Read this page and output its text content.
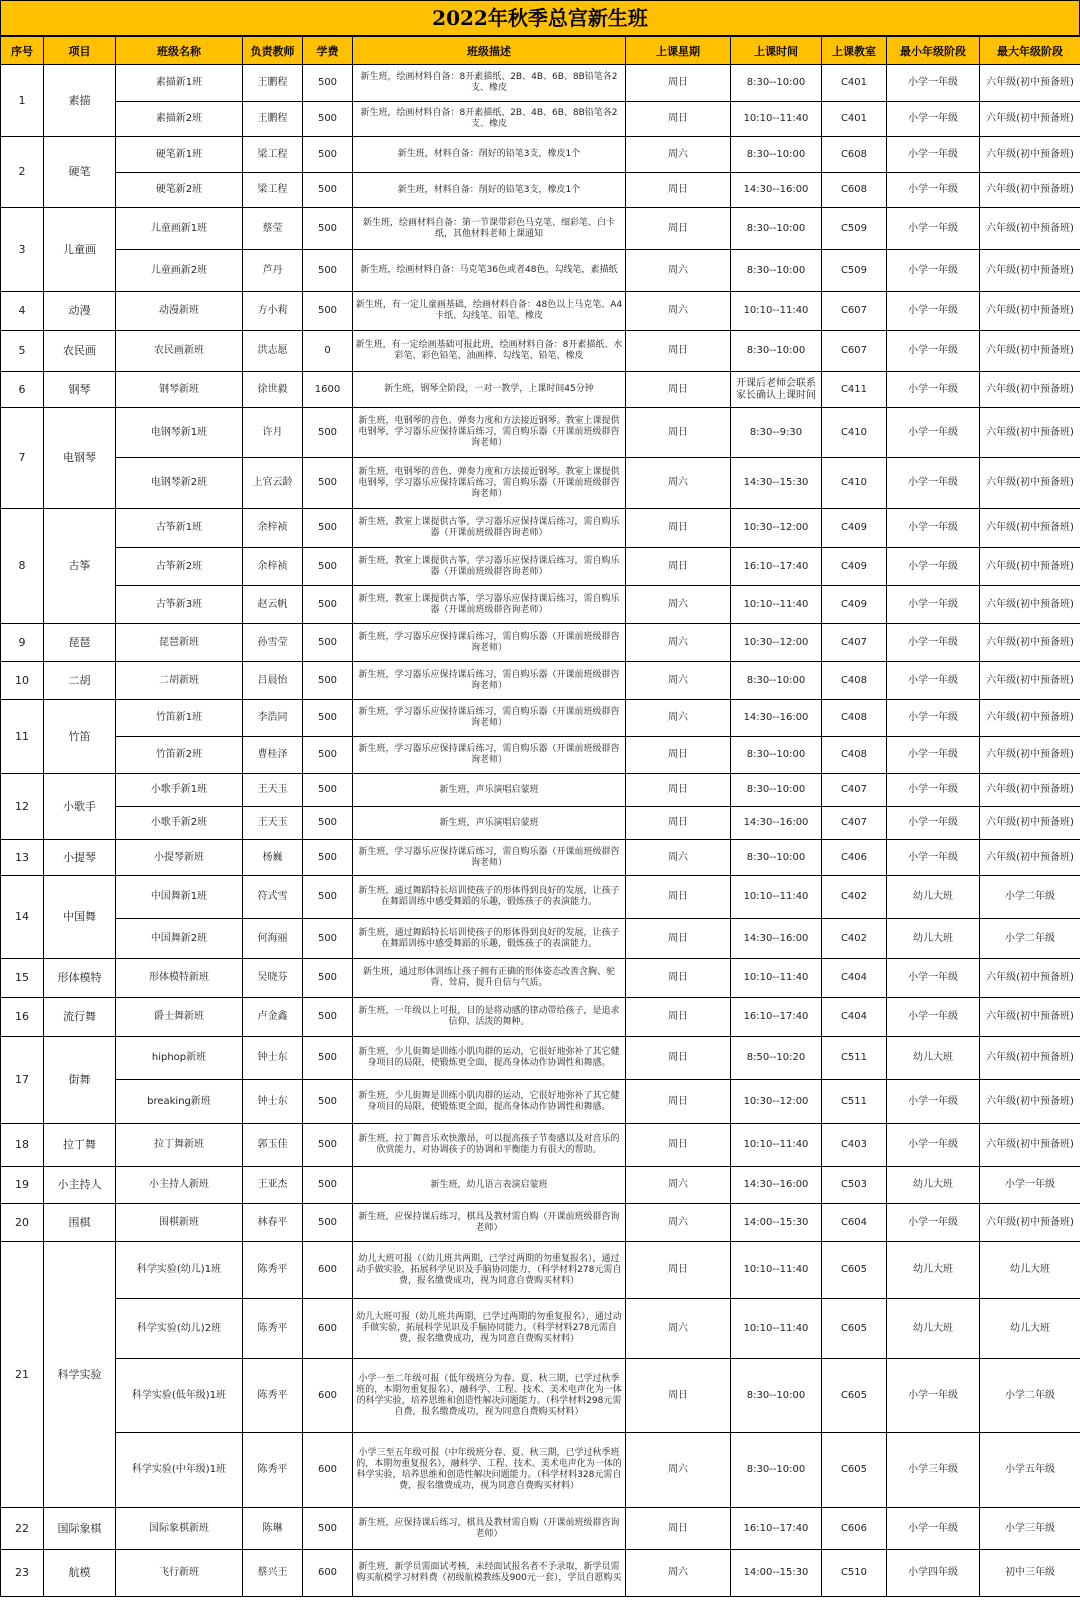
2022年秋季总宫新生班
序号	项目	班级名称	负责教师	学费	班级描述	上课星期	上课时间	上课教室	最小年级阶段	最大年级阶段
1	素描	素描新1班	王鹏程	500	新生班，绘画材料自备：8开素描纸、2B、4B、6B、8B铅笔各2支、橡皮	周日	8:30--10:00	C401	小学一年级	六年级(初中预备班)
		素描新2班	王鹏程	500	新生班，绘画材料自备：8开素描纸、2B、4B、6B、8B铅笔各2支、橡皮	周日	10:10--11:40	C401	小学一年级	六年级(初中预备班)
2	硬笔	硬笔新1班	梁工程	500	新生班，材料自备：削好的铅笔3支，橡皮1个	周六	8:30--10:00	C608	小学一年级	六年级(初中预备班)
		硬笔新2班	梁工程	500	新生班，材料自备：削好的铅笔3支，橡皮1个	周日	14:30--16:00	C608	小学一年级	六年级(初中预备班)
3	儿童画	儿童画新1班	蔡莹	500	新生班，绘画材料自备：第一节课带彩色马克笔、细彩笔、白卡纸，其他材料老师上课通知	周日	8:30--10:00	C509	小学一年级	六年级(初中预备班)
		儿童画新2班	芦丹	500	新生班，绘画材料自备：马克笔36色或者48色，勾线笔，素描纸	周六	8:30--10:00	C509	小学一年级	六年级(初中预备班)
4	动漫	动漫新班	方小莉	500	新生班，有一定儿童画基础，绘画材料自备：48色以上马克笔、A4卡纸、勾线笔、铅笔、橡皮	周六	10:10--11:40	C607	小学一年级	六年级(初中预备班)
5	农民画	农民画新班	洪志愿	0	新生班，有一定绘画基础可报此班，绘画材料自备：8开素描纸、水彩笔、彩色铅笔、油画棒、勾线笔、铅笔、橡皮	周日	8:30--10:00	C607	小学一年级	六年级(初中预备班)
6	钢琴	钢琴新班	徐世毅	1600	新生班，钢琴全阶段，一对一教学，上课时间45分钟	周日	开课后老师会联系家长确认上课时间	C411	小学一年级	六年级(初中预备班)
7	电钢琴	电钢琴新1班	许月	500	新生班，电钢琴的音色、弹奏力度和方法接近钢琴。教室上课提供电钢琴，学习器乐应保持课后练习，需自购乐器（开课前班级群咨询老师）	周日	8:30--9:30	C410	小学一年级	六年级(初中预备班)
		电钢琴新2班	上官云龄	500	新生班，电钢琴的音色、弹奏力度和方法接近钢琴。教室上课提供电钢琴，学习器乐应保持课后练习，需自购乐器（开课前班级群咨询老师）	周六	14:30--15:30	C410	小学一年级	六年级(初中预备班)
8	古筝	古筝新1班	余梓祯	500	新生班，教室上课提供古筝，学习器乐应保持课后练习，需自购乐器（开课前班级群咨询老师）	周日	10:30--12:00	C409	小学一年级	六年级(初中预备班)
		古筝新2班	余梓祯	500	新生班，教室上课提供古筝，学习器乐应保持课后练习，需自购乐器（开课前班级群咨询老师）	周日	16:10--17:40	C409	小学一年级	六年级(初中预备班)
		古筝新3班	赵云帆	500	新生班，教室上课提供古筝，学习器乐应保持课后练习，需自购乐器（开课前班级群咨询老师）	周六	10:10--11:40	C409	小学一年级	六年级(初中预备班)
9	琵琶	琵琶新班	孙雪莹	500	新生班，学习器乐应保持课后练习，需自购乐器（开课前班级群咨询老师）	周六	10:30--12:00	C407	小学一年级	六年级(初中预备班)
10	二胡	二胡新班	吕晨怡	500	新生班，学习器乐应保持课后练习，需自购乐器（开课前班级群咨询老师）	周六	8:30--10:00	C408	小学一年级	六年级(初中预备班)
11	竹笛	竹笛新1班	李浩同	500	新生班，学习器乐应保持课后练习，需自购乐器（开课前班级群咨询老师）	周六	14:30--16:00	C408	小学一年级	六年级(初中预备班)
		竹笛新2班	曹桂泽	500	新生班，学习器乐应保持课后练习，需自购乐器（开课前班级群咨询老师）	周日	8:30--10:00	C408	小学一年级	六年级(初中预备班)
12	小歌手	小歌手新1班	王天玉	500	新生班，声乐演唱启蒙班	周日	8:30--10:00	C407	小学一年级	六年级(初中预备班)
		小歌手新2班	王天玉	500	新生班，声乐演唱启蒙班	周日	14:30--16:00	C407	小学一年级	六年级(初中预备班)
13	小提琴	小提琴新班	杨巍	500	新生班，学习器乐应保持课后练习，需自购乐器（开课前班级群咨询老师）	周六	8:30--10:00	C406	小学一年级	六年级(初中预备班)
14	中国舞	中国舞新1班	符式雪	500	新生班，通过舞蹈特长培训使孩子的形体得到良好的发展，让孩子在舞蹈训练中感受舞蹈的乐趣，锻炼孩子的表演能力。	周日	10:10--11:40	C402	幼儿大班	小学二年级
		中国舞新2班	何海丽	500	新生班，通过舞蹈特长培训使孩子的形体得到良好的发展，让孩子在舞蹈训练中感受舞蹈的乐趣，锻炼孩子的表演能力。	周日	14:30--16:00	C402	幼儿大班	小学二年级
15	形体模特	形体模特新班	吴晓芬	500	新生班，通过形体训练让孩子拥有正确的形体姿态改善含胸、驼背、耸肩，提升自信与气质。	周日	10:10--11:40	C404	小学一年级	六年级(初中预备班)
16	流行舞	爵士舞新班	卢金鑫	500	新生班，一年级以上可报，目的是将动感的律动带给孩子，是追求信仰、活泼的舞种。	周日	16:10--17:40	C404	小学一年级	六年级(初中预备班)
17	街舞	hiphop新班	钟士东	500	新生班，少儿街舞是训练小肌肉群的运动，它很好地弥补了其它健身项目的局限，使锻炼更全面，提高身体动作协调性和舞感。	周日	8:50--10:20	C511	幼儿大班	六年级(初中预备班)
		breaking新班	钟士东	500	新生班，少儿街舞是训练小肌肉群的运动，它很好地弥补了其它健身项目的局限，使锻炼更全面，提高身体动作协调性和舞感。	周日	10:30--12:00	C511	小学一年级	六年级(初中预备班)
18	拉丁舞	拉丁舞新班	郭玉佳	500	新生班，拉丁舞音乐欢快激昂，可以提高孩子节奏感以及对音乐的欣赏能力，对协调孩子的协调和平衡能力有很大的帮助。	周日	10:10--11:40	C403	小学一年级	六年级(初中预备班)
19	小主持人	小主持人新班	王亚杰	500	新生班，幼儿语言表演启蒙班	周六	14:30--16:00	C503	幼儿大班	小学一年级
20	围棋	围棋新班	林春平	500	新生班，应保持课后练习，棋具及教材需自购（开课前班级群咨询老师）	周六	14:00--15:30	C604	小学一年级	六年级(初中预备班)
21	科学实验	科学实验(幼儿)1班	陈秀平	600	幼儿大班可报（（幼儿班共两期，已学过两期的勿重复报名），通过动手做实验，拓展科学见识及手脑协同能力，（科学材料278元需自费，报名缴费成功，视为同意自费购买材料）	周日	10:10--11:40	C605	幼儿大班	幼儿大班
		科学实验(幼儿)2班	陈秀平	600	幼儿大班可报（幼儿班共两期，已学过两期的勿重复报名），通过动手做实验，拓展科学见识及手脑协同能力。（科学材料278元需自费，报名缴费成功，视为同意自费购买材料）	周六	10:10--11:40	C605	幼儿大班	幼儿大班
		科学实验(低年级)1班	陈秀平	600	小学一至二年级可报（低年级班分为春、夏、秋三期，已学过秋季班的，本期勿重复报名），融科学、工程、技术、美术电声化为一体的科学实验，培养思维和创造性解决问题能力。（科学材料298元需自费，报名缴费成功，视为同意自费购买材料）	周日	8:30--10:00	C605	小学一年级	小学二年级
		科学实验(中年级)1班	陈秀平	600	小学三至五年级可报（中年级班分春、夏、秋三期，已学过秋季班的，本期勿重复报名），融科学、工程、技术、美术电声化为一体的科学实验，培养思维和创造性解决问题能力。（科学材料328元需自费，报名缴费成功，视为同意自费购买材料）	周六	8:30--10:00	C605	小学三年级	小学五年级
22	国际象棋	国际象棋新班	陈琳	500	新生班，应保持课后练习，棋具及教材需自购（开课前班级群咨询老师）	周日	16:10--17:40	C606	小学一年级	小学三年级
23	航模	飞行新班	蔡兴王	600	新生班，新学员需面试考核，未经面试报名者不予录取，新学员需购买航模学习材料费（初级航模教练及900元一套），学员自愿购买	周六	14:00--15:30	C510	小学四年级	初中三年级
